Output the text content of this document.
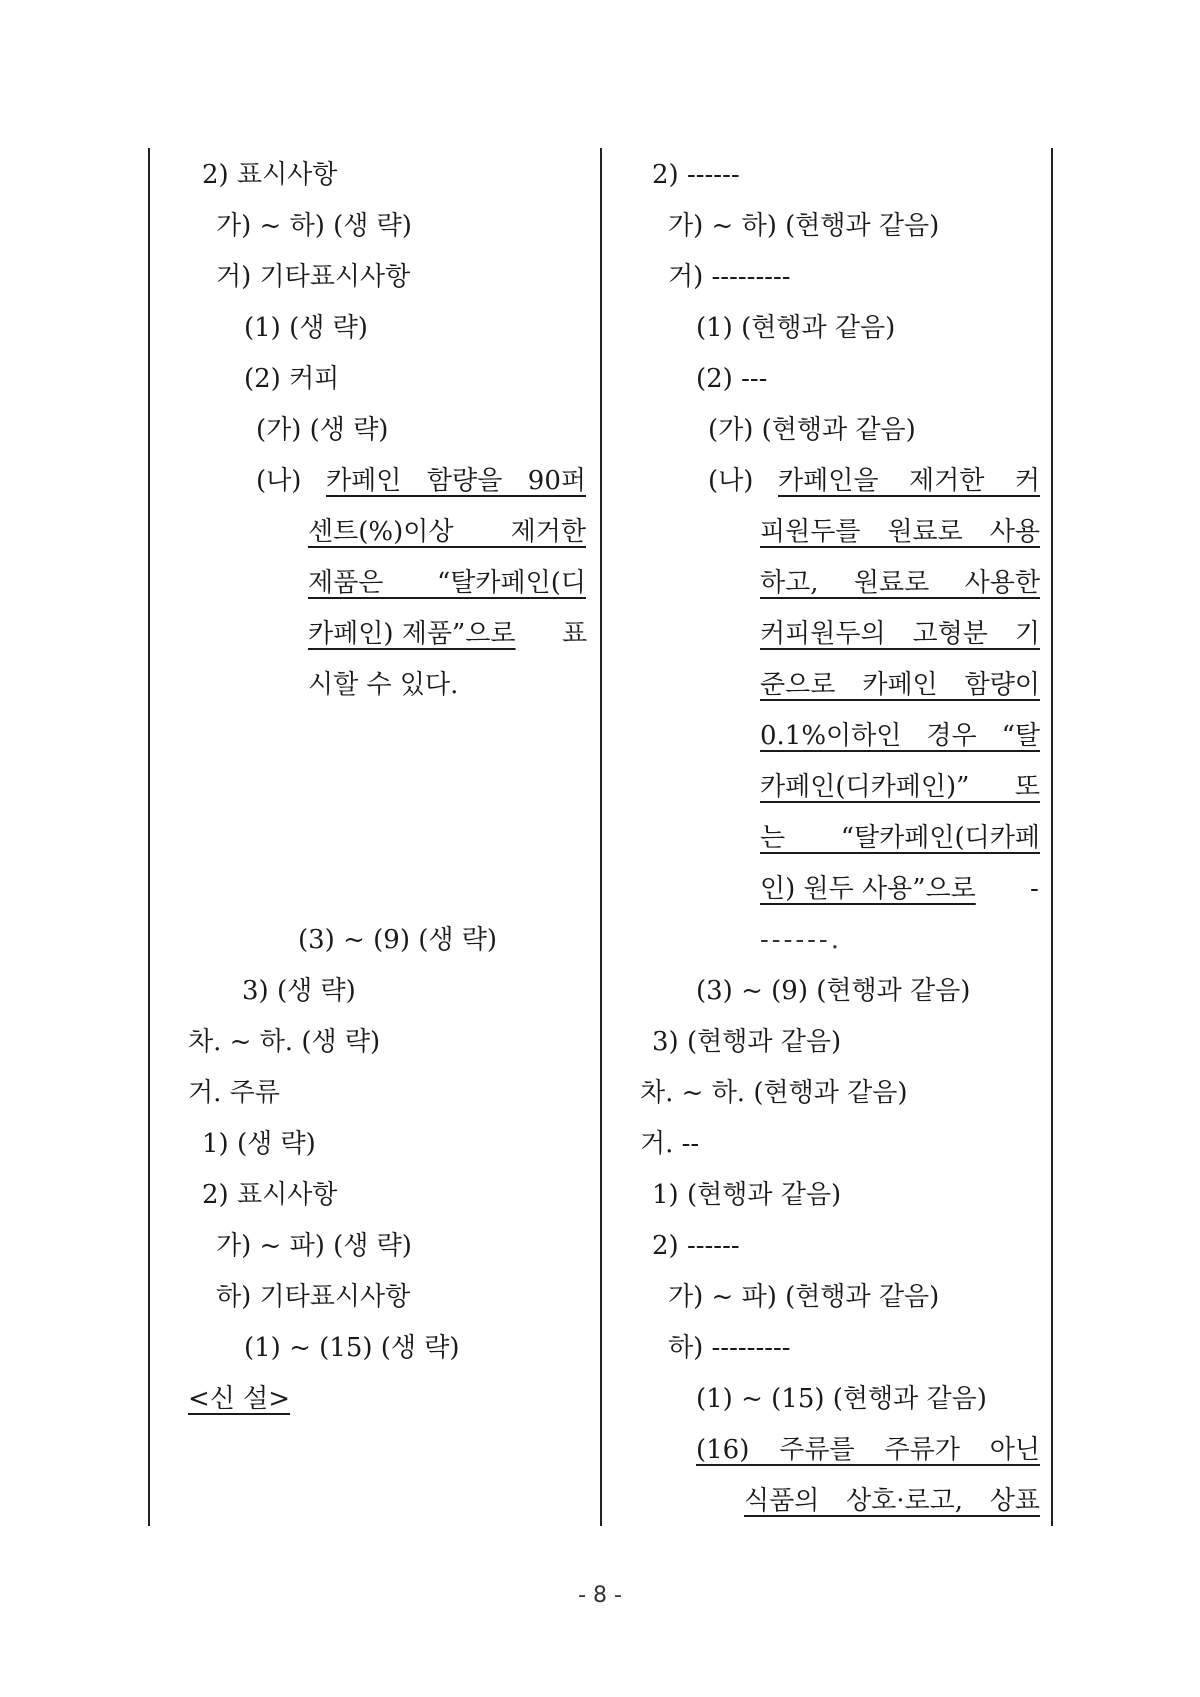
2) 표시사항
가) ~ 하) (생 략)
거) 기타표시사항
(1) (생 략)
(2) 커피
(가) (생 략)
(나) 카페인 함량을 90퍼
센트(%)이상 제거한
제품은 “탈카페인(디
카페인) 제품”으로 표
시할 수 있다.
(3) ~ (9) (생 략)
3) (생 략)
차. ~ 하. (생 략)
거. 주류
1) (생 략)
2) 표시사항
가) ~ 파) (생 략)
하) 기타표시사항
(1) ~ (15) (생 략)
<신 설>
2) ------
가) ~ 하) (현행과 같음)
거) ---------
(1) (현행과 같음)
(2) ---
(가) (현행과 같음)
(나) 카페인을 제거한 커
피원두를 원료로 사용
하고, 원료로 사용한
커피원두의 고형분 기
준으로 카페인 함량이
0.1%이하인 경우 “탈
카페인(디카페인)” 또
는 “탈카페인(디카페
인) 원두 사용”으로 -
------.
(3) ~ (9) (현행과 같음)
3) (현행과 같음)
차. ~ 하. (현행과 같음)
거. --
1) (현행과 같음)
2) ------
가) ~ 파) (현행과 같음)
하) ---------
(1) ~ (15) (현행과 같음)
(16) 주류를 주류가 아닌
식품의 상호·로고, 상표
- 8 -
